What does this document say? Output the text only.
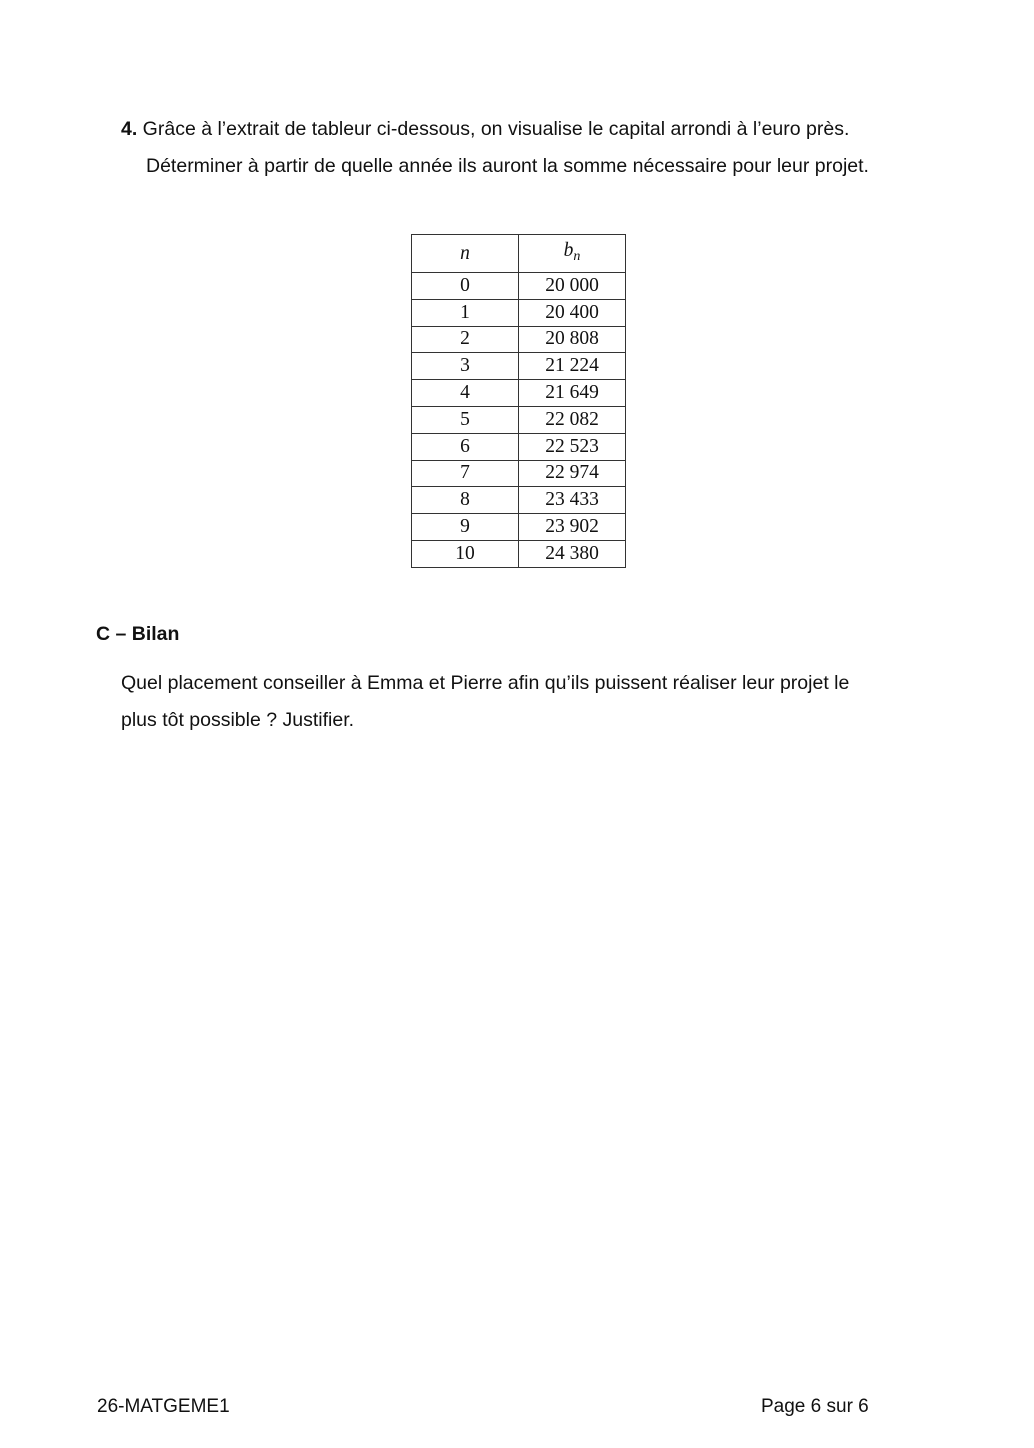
4. Grâce à l’extrait de tableur ci-dessous, on visualise le capital arrondi à l’euro près.
Déterminer à partir de quelle année ils auront la somme nécessaire pour leur projet.
n	$b_n$
0	20 000
1	20 400
2	20 808
3	21 224
4	21 649
5	22 082
6	22 523
7	22 974
8	23 433
9	23 902
10	24 380
C – Bilan
Quel placement conseiller à Emma et Pierre afin qu’ils puissent réaliser leur projet le
plus tôt possible ? Justifier.
26-MATGEME1	Page 6 sur 6
